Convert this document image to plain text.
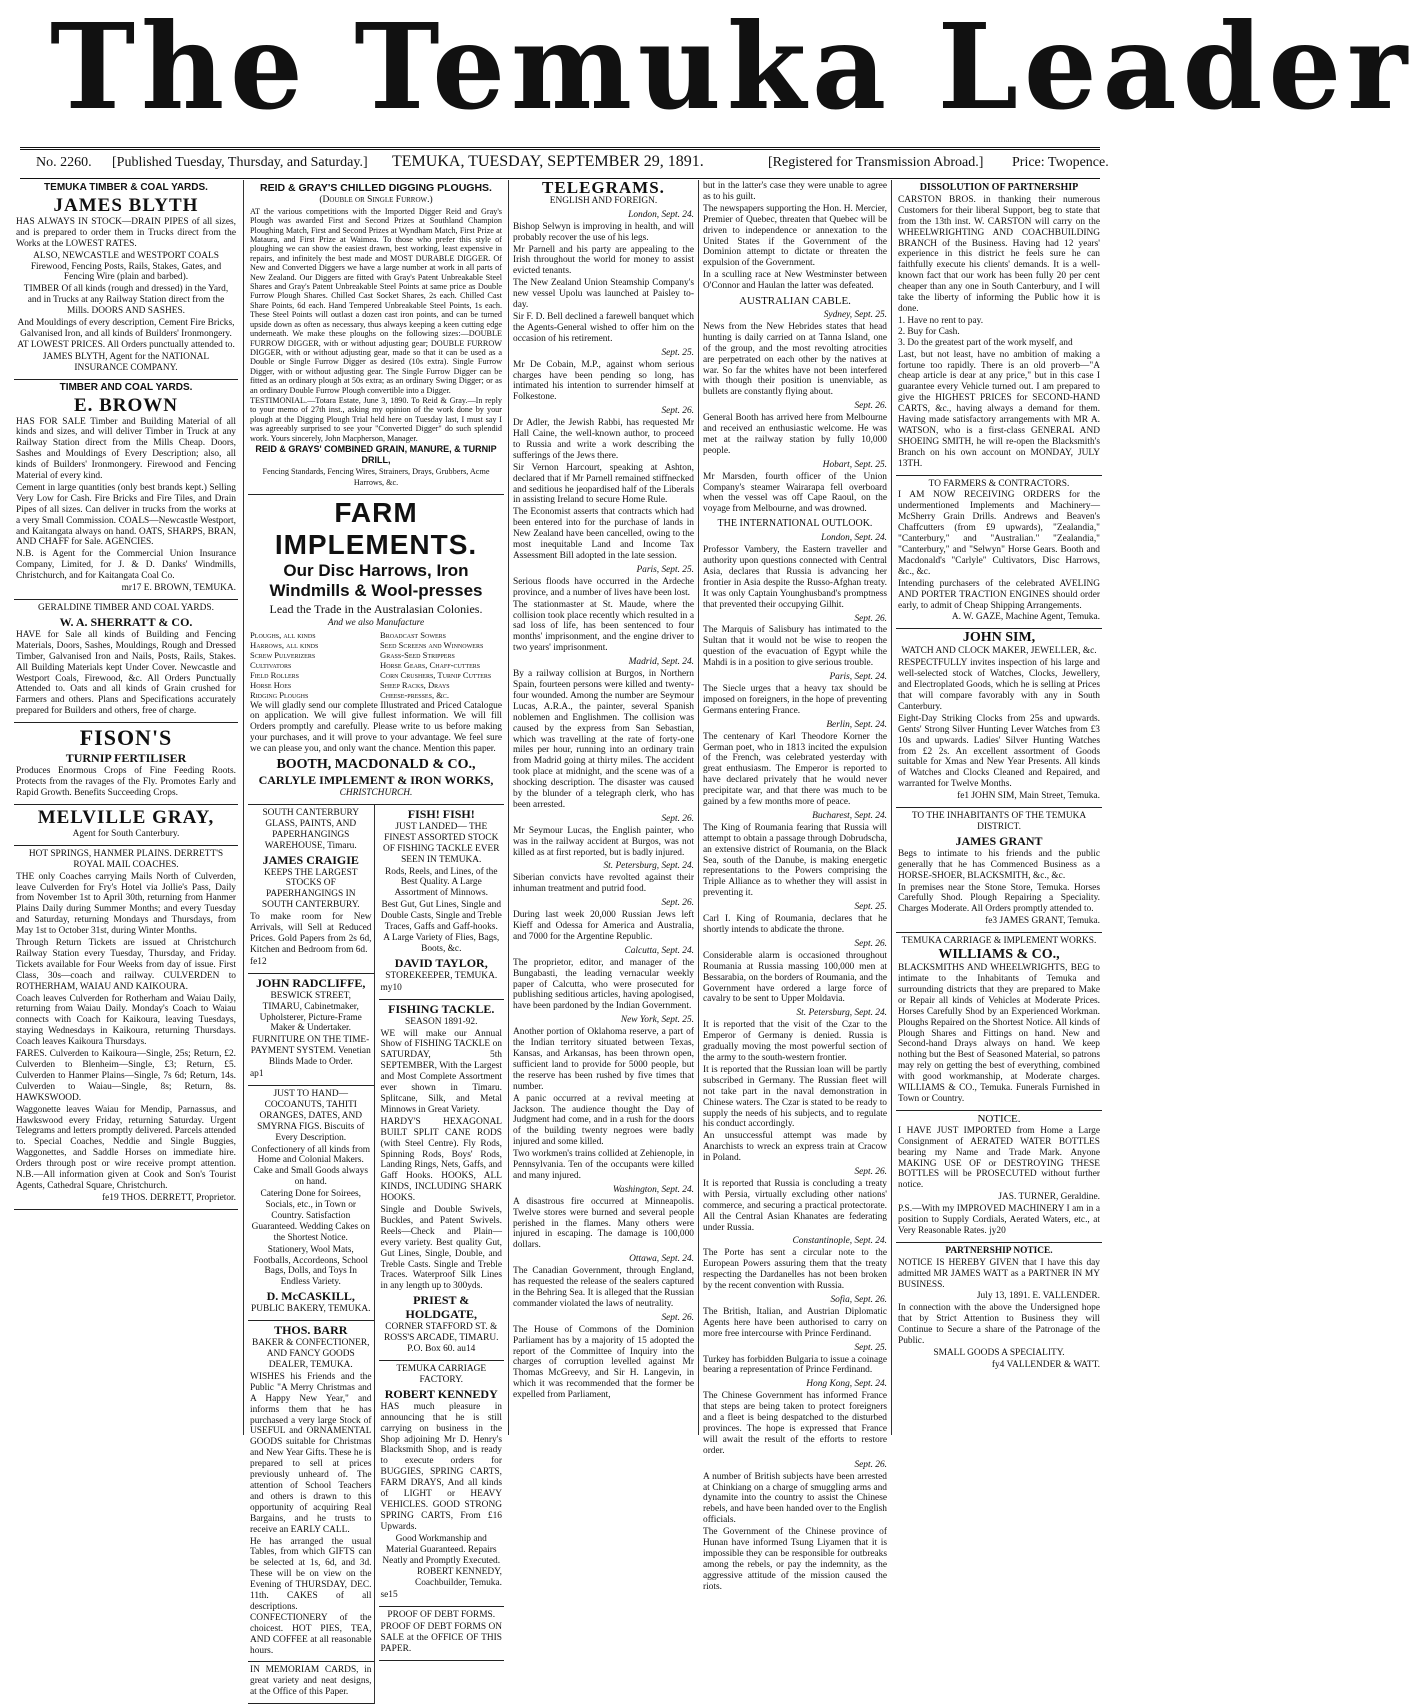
The Temuka Leader
No. 2260. [Published Tuesday, Thursday, and Saturday.] TEMUKA, TUESDAY, SEPTEMBER 29, 1891.	[Registered for Transmission Abroad.] Price: Twopence.
TEMUKA TIMBER & COAL YARDS.
JAMES BLYTH
HAS ALWAYS IN STOCK—DRAIN PIPES of all sizes, and is prepared to order them in Trucks direct from the Works at the LOWEST RATES.
ALSO, NEWCASTLE and WESTPORT COALS Firewood, Fencing Posts, Rails, Stakes, Gates, and Fencing Wire (plain and barbed).
TIMBER Of all kinds (rough and dressed) in the Yard, and in Trucks at any Railway Station direct from the Mills. DOORS AND SASHES.
And Mouldings of every description, Cement Fire Bricks, Galvanised Iron, and all kinds of Builders' Ironmongery. AT LOWEST PRICES. All Orders punctually attended to.
JAMES BLYTH, Agent for the NATIONAL INSURANCE COMPANY.
TIMBER AND COAL YARDS.
E. BROWN
HAS FOR SALE Timber and Building Material of all kinds and sizes, and will deliver Timber in Truck at any Railway Station direct from the Mills Cheap. Doors, Sashes and Mouldings of Every Description; also, all kinds of Builders' Ironmongery. Firewood and Fencing Material of every kind.
Cement in large quantities (only best brands kept.) Selling Very Low for Cash. Fire Bricks and Fire Tiles, and Drain Pipes of all sizes. Can deliver in trucks from the works at a very Small Commission. COALS—Newcastle Westport, and Kaitangata always on hand. OATS, SHARPS, BRAN, AND CHAFF for Sale. AGENCIES.
N.B. is Agent for the Commercial Union Insurance Company, Limited, for J. & D. Danks' Windmills, Christchurch, and for Kaitangata Coal Co.
mr17 E. BROWN, TEMUKA.
GERALDINE TIMBER AND COAL YARDS.
W. A. SHERRATT & CO.
HAVE for Sale all kinds of Building and Fencing Materials, Doors, Sashes, Mouldings, Rough and Dressed Timber, Galvanised Iron and Nails, Posts, Rails, Stakes. All Building Materials kept Under Cover. Newcastle and Westport Coals, Firewood, &c. All Orders Punctually Attended to. Oats and all kinds of Grain crushed for Farmers and others. Plans and Specifications accurately prepared for Builders and others, free of charge.
FISON'S
TURNIP FERTILISER
Produces Enormous Crops of Fine Feeding Roots. Protects from the ravages of the Fly. Promotes Early and Rapid Growth. Benefits Succeeding Crops.
MELVILLE GRAY,
Agent for South Canterbury.
HOT SPRINGS, HANMER PLAINS. DERRETT'S ROYAL MAIL COACHES.
THE only Coaches carrying Mails North of Culverden, leave Culverden for Fry's Hotel via Jollie's Pass, Daily from November 1st to April 30th, returning from Hanmer Plains Daily during Summer Months; and every Tuesday and Saturday, returning Mondays and Thursdays, from May 1st to October 31st, during Winter Months.
Through Return Tickets are issued at Christchurch Railway Station every Tuesday, Thursday, and Friday. Tickets available for Four Weeks from day of issue. First Class, 30s—coach and railway. CULVERDEN to ROTHERHAM, WAIAU AND KAIKOURA.
Coach leaves Culverden for Rotherham and Waiau Daily, returning from Waiau Daily. Monday's Coach to Waiau connects with Coach for Kaikoura, leaving Tuesdays, staying Wednesdays in Kaikoura, returning Thursdays. Coach leaves Kaikoura Thursdays.
FARES. Culverden to Kaikoura—Single, 25s; Return, £2. Culverden to Blenheim—Single, £3; Return, £5. Culverden to Hanmer Plains—Single, 7s 6d; Return, 14s. Culverden to Waiau—Single, 8s; Return, 8s. HAWKSWOOD.
Waggonette leaves Waiau for Mendip, Parnassus, and Hawkswood every Friday, returning Saturday. Urgent Telegrams and letters promptly delivered. Parcels attended to. Special Coaches, Neddie and Single Buggies, Waggonettes, and Saddle Horses on immediate hire. Orders through post or wire receive prompt attention. N.B.—All information given at Cook and Son's Tourist Agents, Cathedral Square, Christchurch.
fe19 THOS. DERRETT, Proprietor.
REID & GRAY'S CHILLED DIGGING PLOUGHS.
(Double or Single Furrow.)
AT the various competitions with the Imported Digger Reid and Gray's Plough was awarded First and Second Prizes at Southland Champion Ploughing Match, First and Second Prizes at Wyndham Match, First Prize at Mataura, and First Prize at Waimea. To those who prefer this style of ploughing we can show the easiest drawn, best working, least expensive in repairs, and infinitely the best made and MOST DURABLE DIGGER. Of New and Converted Diggers we have a large number at work in all parts of New Zealand. Our Diggers are fitted with Gray's Patent Unbreakable Steel Shares and Gray's Patent Unbreakable Steel Points at same price as Double Furrow Plough Shares. Chilled Cast Socket Shares, 2s each. Chilled Cast Share Points, 6d each. Hand Tempered Unbreakable Steel Points, 1s each. These Steel Points will outlast a dozen cast iron points, and can be turned upside down as often as necessary, thus always keeping a keen cutting edge underneath. We make these ploughs on the following sizes:—DOUBLE FURROW DIGGER, with or without adjusting gear; DOUBLE FURROW DIGGER, with or without adjusting gear, made so that it can be used as a Double or Single Furrow Digger as desired (10s extra). Single Furrow Digger, with or without adjusting gear. The Single Furrow Digger can be fitted as an ordinary plough at 50s extra; as an ordinary Swing Digger; or as an ordinary Double Furrow Plough convertible into a Digger.
TESTIMONIAL.—Totara Estate, June 3, 1890. To Reid & Gray.—In reply to your memo of 27th inst., asking my opinion of the work done by your plough at the Digging Plough Trial held here on Tuesday last, I must say I was agreeably surprised to see your "Converted Digger" do such splendid work. Yours sincerely, John Macpherson, Manager.
REID & GRAYS' COMBINED GRAIN, MANURE, & TURNIP DRILL,
Fencing Standards, Fencing Wires, Strainers, Drays, Grubbers, Acme Harrows, &c.
FARM IMPLEMENTS.
Our Disc Harrows, Iron Windmills & Wool-presses
Lead the Trade in the Australasian Colonies.
And we also Manufacture
Ploughs, all kinds
Harrows, all kinds
Screw Pulverizers
Cultivators
Field Rollers
Horse Hoes
Ridging Ploughs
Broadcast Sowers
Seed Screens and Winnowers
Grass-Seed Strippers
Horse Gears, Chaff-cutters
Corn Crushers, Turnip Cutters
Sheep Racks, Drays
Cheese-presses, &c.
We will gladly send our complete Illustrated and Priced Catalogue on application. We will give fullest information. We will fill Orders promptly and carefully. Please write to us before making your purchases, and it will prove to your advantage. We feel sure we can please you, and only want the chance. Mention this paper.
BOOTH, MACDONALD & CO.,
CARLYLE IMPLEMENT & IRON WORKS,
CHRISTCHURCH.
SOUTH CANTERBURY GLASS, PAINTS, AND PAPERHANGINGS WAREHOUSE, Timaru.
JAMES CRAIGIE
KEEPS THE LARGEST STOCKS OF PAPERHANGINGS IN SOUTH CANTERBURY.
To make room for New Arrivals, will Sell at Reduced Prices. Gold Papers from 2s 6d, Kitchen and Bedroom from 6d.
fe12
JOHN RADCLIFFE,
BESWICK STREET, TIMARU, Cabinetmaker, Upholsterer, Picture-Frame Maker & Undertaker.
FURNITURE ON THE TIME-PAYMENT SYSTEM. Venetian Blinds Made to Order.
ap1
JUST TO HAND— COCOANUTS, TAHITI ORANGES, DATES, AND SMYRNA FIGS. Biscuits of Every Description.
Confectionery of all kinds from Home and Colonial Makers. Cake and Small Goods always on hand.
Catering Done for Soirees, Socials, etc., in Town or Country. Satisfaction Guaranteed. Wedding Cakes on the Shortest Notice.
Stationery, Wool Mats, Footballs, Accordeons, School Bags, Dolls, and Toys In Endless Variety.
D. McCASKILL,
PUBLIC BAKERY, TEMUKA.
THOS. BARR
BAKER & CONFECTIONER, AND FANCY GOODS DEALER, TEMUKA.
WISHES his Friends and the Public "A Merry Christmas and A Happy New Year," and informs them that he has purchased a very large Stock of USEFUL and ORNAMENTAL GOODS suitable for Christmas and New Year Gifts. These he is prepared to sell at prices previously unheard of. The attention of School Teachers and others is drawn to this opportunity of acquiring Real Bargains, and he trusts to receive an EARLY CALL.
He has arranged the usual Tables, from which GIFTS can be selected at 1s, 6d, and 3d. These will be on view on the Evening of THURSDAY, DEC. 11th. CAKES of all descriptions. CONFECTIONERY of the choicest. HOT PIES, TEA, AND COFFEE at all reasonable hours.
IN MEMORIAM CARDS, in great variety and neat designs, at the Office of this Paper.
FISH! FISH!
JUST LANDED— THE FINEST ASSORTED STOCK OF FISHING TACKLE EVER SEEN IN TEMUKA.
Rods, Reels, and Lines, of the Best Quality. A Large Assortment of Minnows.
Best Gut, Gut Lines, Single and Double Casts, Single and Treble Traces, Gaffs and Gaff-hooks. A Large Variety of Flies, Bags, Boots, &c.
DAVID TAYLOR,
STOREKEEPER, TEMUKA.
my10
FISHING TACKLE.
SEASON 1891-92.
WE will make our Annual Show of FISHING TACKLE on SATURDAY, 5th SEPTEMBER, With the Largest and Most Complete Assortment ever shown in Timaru. Splitcane, Silk, and Metal Minnows in Great Variety.
HARDY'S HEXAGONAL BUILT SPLIT CANE RODS (with Steel Centre). Fly Rods, Spinning Rods, Boys' Rods, Landing Rings, Nets, Gaffs, and Gaff Hooks. HOOKS, ALL KINDS, INCLUDING SHARK HOOKS.
Single and Double Swivels, Buckles, and Patent Swivels. Reels—Check and Plain—every variety. Best quality Gut, Gut Lines, Single, Double, and Treble Casts. Single and Treble Traces. Waterproof Silk Lines in any length up to 300yds.
PRIEST & HOLDGATE,
CORNER STAFFORD ST. & ROSS'S ARCADE, TIMARU. P.O. Box 60. au14
TEMUKA CARRIAGE FACTORY.
ROBERT KENNEDY
HAS much pleasure in announcing that he is still carrying on business in the Shop adjoining Mr D. Henry's Blacksmith Shop, and is ready to execute orders for BUGGIES, SPRING CARTS, FARM DRAYS, And all kinds of LIGHT or HEAVY VEHICLES. GOOD STRONG SPRING CARTS, From £16 Upwards.
Good Workmanship and Material Guaranteed. Repairs Neatly and Promptly Executed.
ROBERT KENNEDY, Coachbuilder, Temuka.
se15
PROOF OF DEBT FORMS.
PROOF OF DEBT FORMS ON SALE at the OFFICE OF THIS PAPER.
TELEGRAMS.
ENGLISH AND FOREIGN.
London, Sept. 24.
Bishop Selwyn is improving in health, and will probably recover the use of his legs.
Mr Parnell and his party are appealing to the Irish throughout the world for money to assist evicted tenants.
The New Zealand Union Steamship Company's new vessel Upolu was launched at Paisley to-day.
Sir F. D. Bell declined a farewell banquet which the Agents-General wished to offer him on the occasion of his retirement.
Sept. 25.
Mr De Cobain, M.P., against whom serious charges have been pending so long, has intimated his intention to surrender himself at Folkestone.
Sept. 26.
Dr Adler, the Jewish Rabbi, has requested Mr Hall Caine, the well-known author, to proceed to Russia and write a work describing the sufferings of the Jews there.
Sir Vernon Harcourt, speaking at Ashton, declared that if Mr Parnell remained stiffnecked and seditious he jeopardised half of the Liberals in assisting Ireland to secure Home Rule.
The Economist asserts that contracts which had been entered into for the purchase of lands in New Zealand have been cancelled, owing to the most inequitable Land and Income Tax Assessment Bill adopted in the late session.
Paris, Sept. 25.
Serious floods have occurred in the Ardeche province, and a number of lives have been lost.
The stationmaster at St. Maude, where the collision took place recently which resulted in a sad loss of life, has been sentenced to four months' imprisonment, and the engine driver to two years' imprisonment.
Madrid, Sept. 24.
By a railway collision at Burgos, in Northern Spain, fourteen persons were killed and twenty-four wounded. Among the number are Seymour Lucas, A.R.A., the painter, several Spanish noblemen and Englishmen. The collision was caused by the express from San Sebastian, which was travelling at the rate of forty-one miles per hour, running into an ordinary train from Madrid going at thirty miles. The accident took place at midnight, and the scene was of a shocking description. The disaster was caused by the blunder of a telegraph clerk, who has been arrested.
Sept. 26.
Mr Seymour Lucas, the English painter, who was in the railway accident at Burgos, was not killed as at first reported, but is badly injured.
St. Petersburg, Sept. 24.
Siberian convicts have revolted against their inhuman treatment and putrid food.
Sept. 26.
During last week 20,000 Russian Jews left Kieff and Odessa for America and Australia, and 7000 for the Argentine Republic.
Calcutta, Sept. 24.
The proprietor, editor, and manager of the Bungabasti, the leading vernacular weekly paper of Calcutta, who were prosecuted for publishing seditious articles, having apologised, have been pardoned by the Indian Government.
New York, Sept. 25.
Another portion of Oklahoma reserve, a part of the Indian territory situated between Texas, Kansas, and Arkansas, has been thrown open, sufficient land to provide for 5000 people, but the reserve has been rushed by five times that number.
A panic occurred at a revival meeting at Jackson. The audience thought the Day of Judgment had come, and in a rush for the doors of the building twenty negroes were badly injured and some killed.
Two workmen's trains collided at Zehienople, in Pennsylvania. Ten of the occupants were killed and many injured.
Washington, Sept. 24.
A disastrous fire occurred at Minneapolis. Twelve stores were burned and several people perished in the flames. Many others were injured in escaping. The damage is 100,000 dollars.
Ottawa, Sept. 24.
The Canadian Government, through England, has requested the release of the sealers captured in the Behring Sea. It is alleged that the Russian commander violated the laws of neutrality.
Sept. 26.
The House of Commons of the Dominion Parliament has by a majority of 15 adopted the report of the Committee of Inquiry into the charges of corruption levelled against Mr Thomas McGreevy, and Sir H. Langevin, in which it was recommended that the former be expelled from Parliament,
but in the latter's case they were unable to agree as to his guilt.
The newspapers supporting the Hon. H. Mercier, Premier of Quebec, threaten that Quebec will be driven to independence or annexation to the United States if the Government of the Dominion attempt to dictate or threaten the expulsion of the Government.
In a sculling race at New Westminster between O'Connor and Haulan the latter was defeated.
AUSTRALIAN CABLE.
Sydney, Sept. 25.
News from the New Hebrides states that head hunting is daily carried on at Tanna Island, one of the group, and the most revolting atrocities are perpetrated on each other by the natives at war. So far the whites have not been interfered with though their position is unenviable, as bullets are constantly flying about.
Sept. 26.
General Booth has arrived here from Melbourne and received an enthusiastic welcome. He was met at the railway station by fully 10,000 people.
Hobart, Sept. 25.
Mr Marsden, fourth officer of the Union Company's steamer Wairarapa fell overboard when the vessel was off Cape Raoul, on the voyage from Melbourne, and was drowned.
THE INTERNATIONAL OUTLOOK.
London, Sept. 24.
Professor Vambery, the Eastern traveller and authority upon questions connected with Central Asia, declares that Russia is advancing her frontier in Asia despite the Russo-Afghan treaty. It was only Captain Younghusband's promptness that prevented their occupying Gilhit.
Sept. 26.
The Marquis of Salisbury has intimated to the Sultan that it would not be wise to reopen the question of the evacuation of Egypt while the Mahdi is in a position to give serious trouble.
Paris, Sept. 24.
The Siecle urges that a heavy tax should be imposed on foreigners, in the hope of preventing Germans entering France.
Berlin, Sept. 24.
The centenary of Karl Theodore Korner the German poet, who in 1813 incited the expulsion of the French, was celebrated yesterday with great enthusiasm. The Emperor is reported to have declared privately that he would never precipitate war, and that there was much to be gained by a few months more of peace.
Bucharest, Sept. 24.
The King of Roumania fearing that Russia will attempt to obtain a passage through Dobrudscha, an extensive district of Roumania, on the Black Sea, south of the Danube, is making energetic representations to the Powers comprising the Triple Alliance as to whether they will assist in preventing it.
Sept. 25.
Carl I. King of Roumania, declares that he shortly intends to abdicate the throne.
Sept. 26.
Considerable alarm is occasioned throughout Roumania at Russia massing 100,000 men at Bessarabia, on the borders of Roumania, and the Government have ordered a large force of cavalry to be sent to Upper Moldavia.
St. Petersburg, Sept. 24.
It is reported that the visit of the Czar to the Emperor of Germany is denied. Russia is gradually moving the most powerful section of the army to the south-western frontier.
It is reported that the Russian loan will be partly subscribed in Germany. The Russian fleet will not take part in the naval demonstration in Chinese waters. The Czar is stated to be ready to supply the needs of his subjects, and to regulate his conduct accordingly.
An unsuccessful attempt was made by Anarchists to wreck an express train at Cracow in Poland.
Sept. 26.
It is reported that Russia is concluding a treaty with Persia, virtually excluding other nations' commerce, and securing a practical protectorate. All the Central Asian Khanates are federating under Russia.
Constantinople, Sept. 24.
The Porte has sent a circular note to the European Powers assuring them that the treaty respecting the Dardanelles has not been broken by the recent convention with Russia.
Sofia, Sept. 26.
The British, Italian, and Austrian Diplomatic Agents here have been authorised to carry on more free intercourse with Prince Ferdinand.
Sept. 25.
Turkey has forbidden Bulgaria to issue a coinage bearing a representation of Prince Ferdinand.
Hong Kong, Sept. 24.
The Chinese Government has informed France that steps are being taken to protect foreigners and a fleet is being despatched to the disturbed provinces. The hope is expressed that France will await the result of the efforts to restore order.
Sept. 26.
A number of British subjects have been arrested at Chinkiang on a charge of smuggling arms and dynamite into the country to assist the Chinese rebels, and have been handed over to the English officials.
The Government of the Chinese province of Hunan have informed Tsung Liyamen that it is impossible they can be responsible for outbreaks among the rebels, or pay the indemnity, as the aggressive attitude of the mission caused the riots.
DISSOLUTION OF PARTNERSHIP
CARSTON BROS. in thanking their numerous Customers for their liberal Support, beg to state that from the 13th inst. W. CARSTON will carry on the WHEELWRIGHTING AND COACHBUILDING BRANCH of the Business. Having had 12 years' experience in this district he feels sure he can faithfully execute his clients' demands. It is a well-known fact that our work has been fully 20 per cent cheaper than any one in South Canterbury, and I will take the liberty of informing the Public how it is done.
1. Have no rent to pay.
2. Buy for Cash.
3. Do the greatest part of the work myself, and
Last, but not least, have no ambition of making a fortune too rapidly. There is an old proverb—"A cheap article is dear at any price," but in this case I guarantee every Vehicle turned out. I am prepared to give the HIGHEST PRICES for SECOND-HAND CARTS, &c., having always a demand for them. Having made satisfactory arrangements with MR A. WATSON, who is a first-class GENERAL AND SHOEING SMITH, he will re-open the Blacksmith's Branch on his own account on MONDAY, JULY 13TH.
TO FARMERS & CONTRACTORS.
I AM NOW RECEIVING ORDERS for the undermentioned Implements and Machinery—McSherry Grain Drills. Andrews and Beaven's Chaffcutters (from £9 upwards), "Zealandia," "Canterbury," and "Australian." "Zealandia," "Canterbury," and "Selwyn" Horse Gears. Booth and Macdonald's "Carlyle" Cultivators, Disc Harrows, &c., &c.
Intending purchasers of the celebrated AVELING AND PORTER TRACTION ENGINES should order early, to admit of Cheap Shipping Arrangements.
A. W. GAZE, Machine Agent, Temuka.
JOHN SIM,
WATCH AND CLOCK MAKER, JEWELLER, &c.
RESPECTFULLY invites inspection of his large and well-selected stock of Watches, Clocks, Jewellery, and Electroplated Goods, which he is selling at Prices that will compare favorably with any in South Canterbury.
Eight-Day Striking Clocks from 25s and upwards. Gents' Strong Silver Hunting Lever Watches from £3 10s and upwards. Ladies' Silver Hunting Watches from £2 2s. An excellent assortment of Goods suitable for Xmas and New Year Presents. All kinds of Watches and Clocks Cleaned and Repaired, and warranted for Twelve Months.
fe1 JOHN SIM, Main Street, Temuka.
TO THE INHABITANTS OF THE TEMUKA DISTRICT.
JAMES GRANT
Begs to intimate to his friends and the public generally that he has Commenced Business as a HORSE-SHOER, BLACKSMITH, &c., &c.
In premises near the Stone Store, Temuka. Horses Carefully Shod. Plough Repairing a Speciality. Charges Moderate. All Orders promptly attended to.
fe3 JAMES GRANT, Temuka.
TEMUKA CARRIAGE & IMPLEMENT WORKS.
WILLIAMS & CO.,
BLACKSMITHS AND WHEELWRIGHTS, BEG to intimate to the Inhabitants of Temuka and surrounding districts that they are prepared to Make or Repair all kinds of Vehicles at Moderate Prices. Horses Carefully Shod by an Experienced Workman. Ploughs Repaired on the Shortest Notice. All kinds of Plough Shares and Fittings on hand. New and Second-hand Drays always on hand. We keep nothing but the Best of Seasoned Material, so patrons may rely on getting the best of everything, combined with good workmanship, at Moderate charges. WILLIAMS & CO., Temuka. Funerals Furnished in Town or Country.
NOTICE.
I HAVE JUST IMPORTED from Home a Large Consignment of AERATED WATER BOTTLES bearing my Name and Trade Mark. Anyone MAKING USE OF or DESTROYING THESE BOTTLES will be PROSECUTED without further notice.
JAS. TURNER, Geraldine.
P.S.—With my IMPROVED MACHINERY I am in a position to Supply Cordials, Aerated Waters, etc., at Very Reasonable Rates. jy20
PARTNERSHIP NOTICE.
NOTICE IS HEREBY GIVEN that I have this day admitted MR JAMES WATT as a PARTNER IN MY BUSINESS.
July 13, 1891. E. VALLENDER.
In connection with the above the Undersigned hope that by Strict Attention to Business they will Continue to Secure a share of the Patronage of the Public.
SMALL GOODS A SPECIALITY.
fy4 VALLENDER & WATT.
